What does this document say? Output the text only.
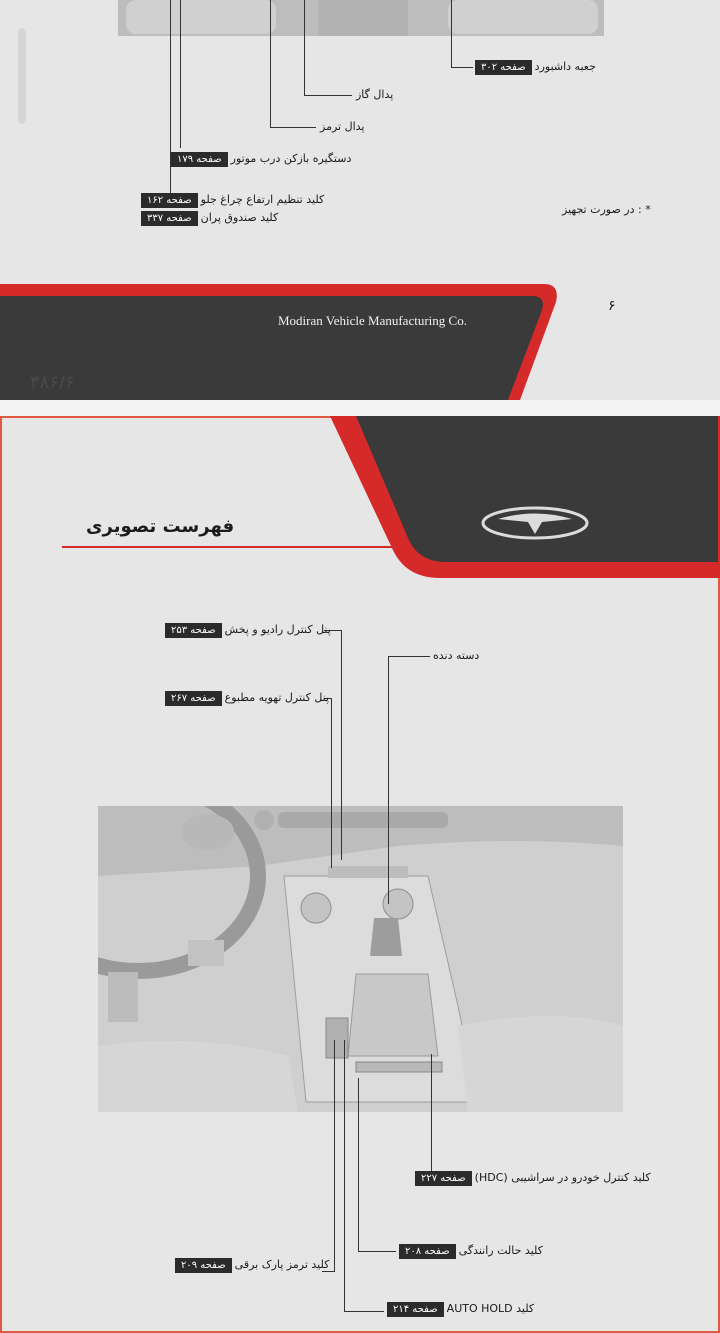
جعبه داشبوردصفحه ۳۰۲
پدال گاز
پدال ترمز
دستگیره بازکن درب موتورصفحه ۱۷۹
کلید تنظیم ارتفاع چراغ جلوصفحه ۱۶۲
کلید صندوق پرانصفحه ۳۳۷
* : در صورت تجهیز
Modiran Vehicle Manufacturing Co.
۶
۳۸۶/۶
فهرست تصویری
پنل کنترل رادیو و پخشصفحه ۲۵۳
دسته دنده
پنل کنترل تهویه مطبوعصفحه ۲۶۷
کلید کنترل خودرو در سراشیبی (HDC)صفحه ۲۲۷
کلید حالت رانندگیصفحه ۲۰۸
کلید ترمز پارک برقیصفحه ۲۰۹
کلید AUTO HOLDصفحه ۲۱۴
